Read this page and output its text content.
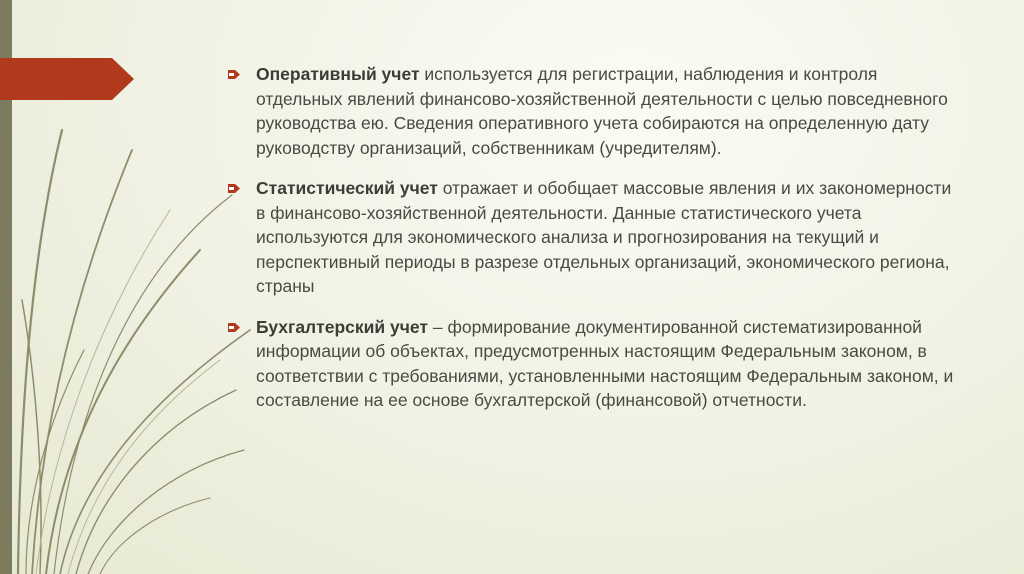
Оперативный учет используется для регистрации, наблюдения и контроля отдельных явлений финансово-хозяйственной деятельности с целью повседневного руководства ею. Сведения оперативного учета собираются на определенную дату руководству организаций, собственникам (учредителям).
Статистический учет отражает и обобщает массовые явления и их закономерности в финансово-хозяйственной деятельности. Данные статистического учета используются для экономического анализа и прогнозирования на текущий и перспективный периоды в разрезе отдельных организаций, экономического региона, страны
Бухгалтерский учет – формирование документированной систематизированной информации об объектах, предусмотренных настоящим Федеральным законом, в соответствии с требованиями, установленными настоящим Федеральным законом, и составление на ее основе бухгалтерской (финансовой) отчетности.
